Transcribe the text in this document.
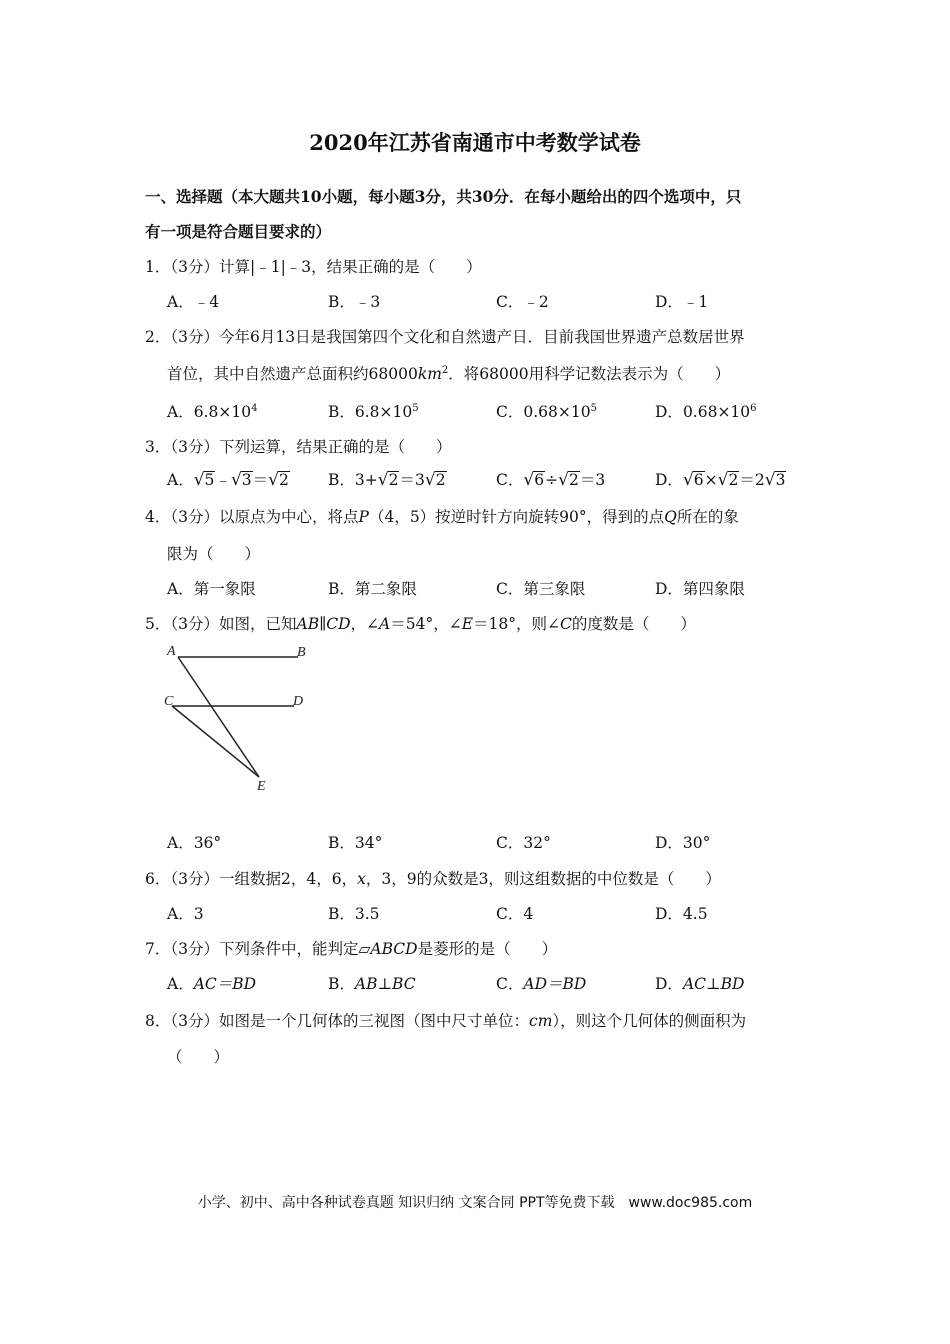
2020年江苏省南通市中考数学试卷
一、选择题（本大题共10小题，每小题3分，共30分．在每小题给出的四个选项中，只
有一项是符合题目要求的）
1．（3分）计算|﹣1|﹣3，结果正确的是（　　）
A．﹣4	B．﹣3	C．﹣2	D．﹣1
2．（3分）今年6月13日是我国第四个文化和自然遗产日．目前我国世界遗产总数居世界
首位，其中自然遗产总面积约$68000km^2$．将68000用科学记数法表示为（　　）
A．$6.8\times 10^4$	B．$6.8\times 10^5$	C．$0.68\times 10^5$	D．$0.68\times 10^6$
3．（3分）下列运算，结果正确的是（　　）
A．√5﹣√3＝√2	B．3+√2＝3√2	C．√6÷√2＝3	D．√6×√2＝2√3
4．（3分）以原点为中心，将点P（4，5）按逆时针方向旋转90°，得到的点Q所在的象
限为（　　）
A．第一象限	B．第二象限	C．第三象限	D．第四象限
5．（3分）如图，已知AB∥CD，∠A＝54°，∠E＝18°，则∠C的度数是（　　）
A	B
C	D
E
A．36°	B．34°	C．32°	D．30°
6．（3分）一组数据2，4，6，x，3，9的众数是3，则这组数据的中位数是（　　）
A．3	B．3.5	C．4	D．4.5
7．（3分）下列条件中，能判定▱ABCD是菱形的是（　　）
A．AC＝BD	B．AB⊥BC	C．AD＝BD	D．AC⊥BD
8．（3分）如图是一个几何体的三视图（图中尺寸单位：cm），则这个几何体的侧面积为
（　　）
小学、初中、高中各种试卷真题 知识归纳 文案合同 PPT等免费下载　www.doc985.com
